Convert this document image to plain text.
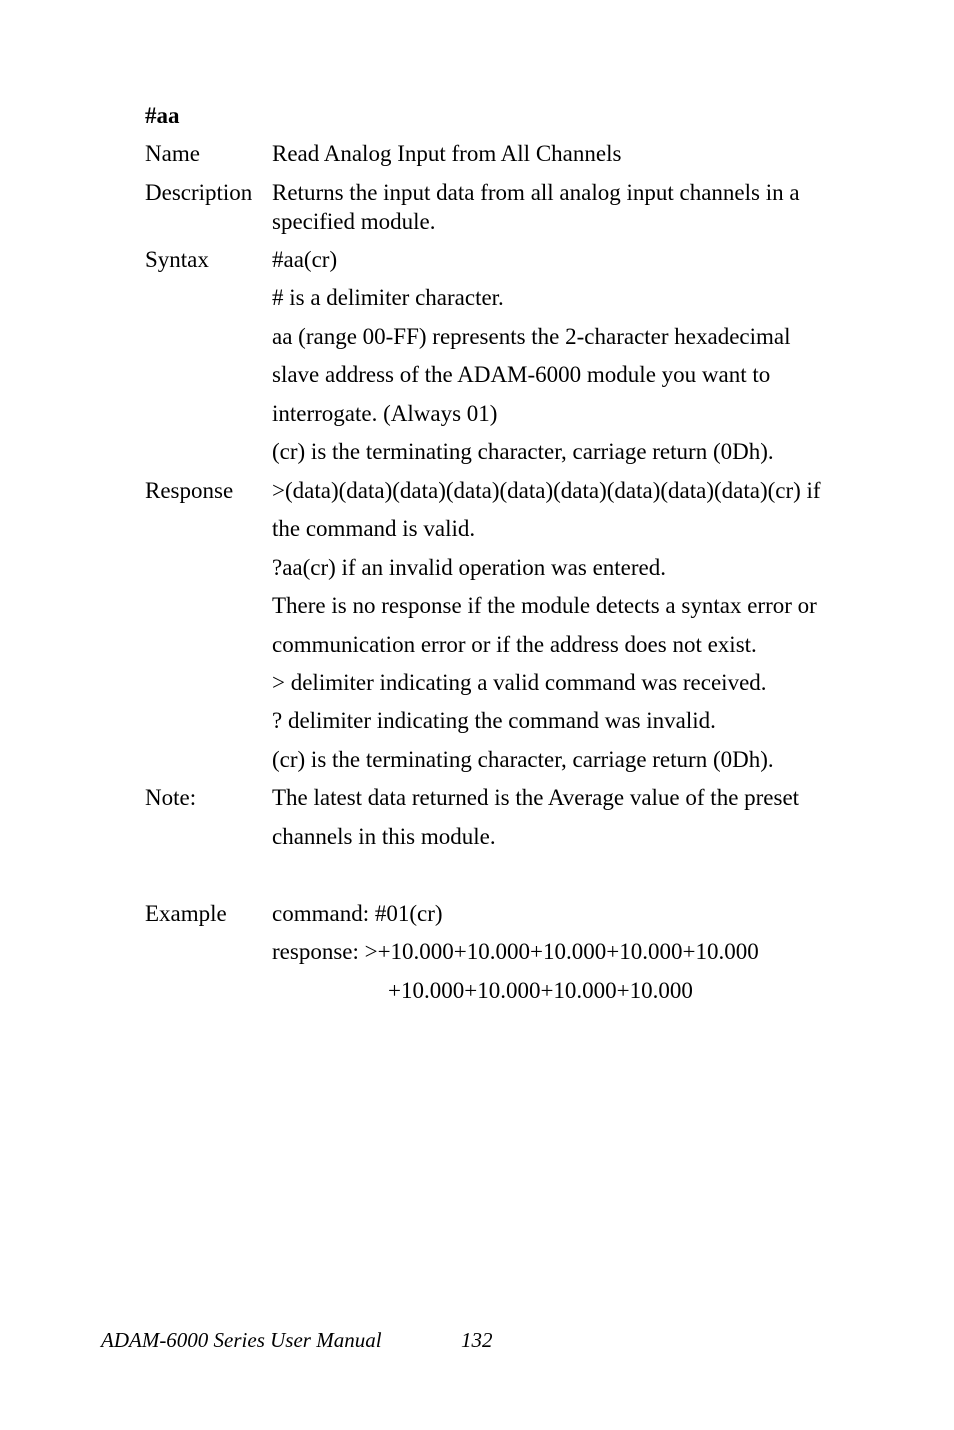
#aa
Name	Read Analog Input from All Channels
Description Returns the input data from all analog input channels in a
specified module.
Syntax	#aa(cr)
# is a delimiter character.
aa (range 00-FF) represents the 2-character hexadecimal
slave address of the ADAM-6000 module you want to
interrogate. (Always 01)
(cr) is the terminating character, carriage return (0Dh).
Response >(data)(data)(data)(data)(data)(data)(data)(data)(data)(cr) if
the command is valid.
?aa(cr) if an invalid operation was entered.
There is no response if the module detects a syntax error or
communication error or if the address does not exist.
> delimiter indicating a valid command was received.
? delimiter indicating the command was invalid.
(cr) is the terminating character, carriage return (0Dh).
Note:	The latest data returned is the Average value of the preset
channels in this module.
Example command: #01(cr)
response: >+10.000+10.000+10.000+10.000+10.000
+10.000+10.000+10.000+10.000
ADAM-6000 Series User Manual	132
